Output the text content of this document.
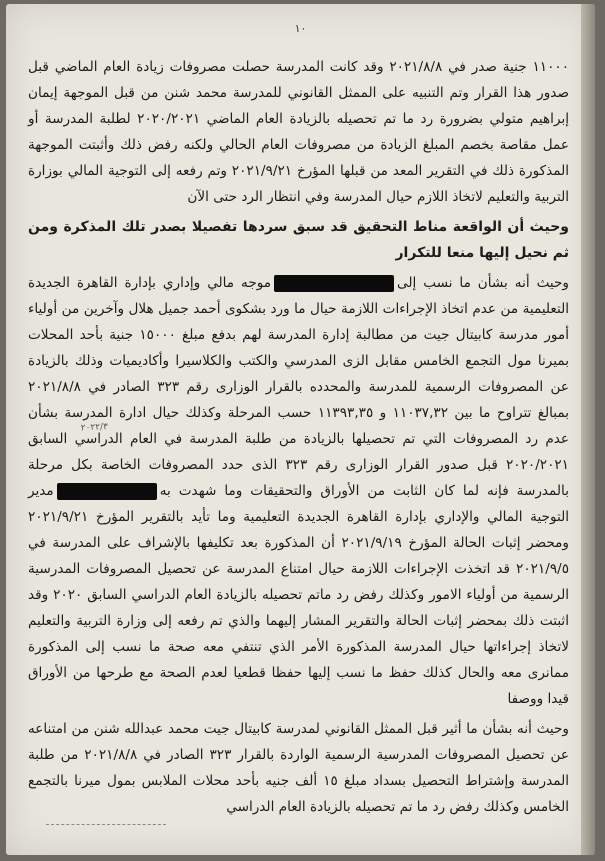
١٠

١١٠٠٠ جنية صدر في ٢٠٢١/٨/٨ وقد كانت المدرسة حصلت مصروفات زيادة العام الماضي قبل صدور هذا القرار وتم التنبيه على الممثل القانوني للمدرسة محمد شنن من قبل الموجهة إيمان إبراهيم متولي بضرورة رد ما تم تحصيله بالزيادة العام الماضي ٢٠٢٠/٢٠٢١ لطلبة المدرسة أو عمل مقاصة بخصم المبلغ الزيادة من مصروفات العام الحالي ولكنه رفض ذلك وأثبتت الموجهة المذكورة ذلك في التقرير المعد من قبلها المؤرخ ٢٠٢١/٩/٢١ وتم رفعه إلى التوجية المالي بوزارة التربية والتعليم لاتخاذ اللازم حيال المدرسة وفي انتظار الرد حتى الآن

وحيث أن الواقعة مناط التحقيق قد سبق سردها تفصيلا بصدر تلك المذكرة ومن ثم نحيل إليها منعا للتكرار

وحيث أنه بشأن ما نسب إلىموجه مالي وإداري بإدارة القاهرة الجديدة التعليمية من عدم اتخاذ الإجراءات اللازمة حيال ما ورد بشكوى أحمد جميل هلال وآخرين من أولياء أمور مدرسة كابيتال جيت من مطالبة إدارة المدرسة لهم بدفع مبلغ ١٥٠٠٠ جنية بأحد المحلات بميرنا مول التجمع الخامس مقابل الزى المدرسي والكتب والكلاسيرا وأكاديميات وذلك بالزيادة عن المصروفات الرسمية للمدرسة والمحدده بالقرار الوزارى رقم ٣٢٣ الصادر في ٢٠٢١/٨/٨ بمبالغ تتراوح ما بين ١١٠٣٧,٣٢ و ١١٣٩٣,٣٥ حسب المرحلة وكذلك حيال ادارة المدرسة بشأن عدم رد المصروفات التي تم تحصيلها بالزيادة من طلبة المدرسة في العام الدراسي السابق ٢٠٢٠/٢٠٢١ قبل صدور القرار الوزارى رقم ٣٢٣ الذى حدد المصروفات الخاصة بكل مرحلة بالمدرسة فإنه لما كان الثابت من الأوراق والتحقيقات وما شهدت بهمدير التوجية المالي والإداري بإدارة القاهرة الجديدة التعليمية وما تأيد بالتقرير المؤرخ ٢٠٢١/٩/٢١ ومحضر إثبات الحالة المؤرخ ٢٠٢١/٩/١٩ أن المذكورة بعد تكليفها بالإشراف على المدرسة في ٢٠٢١/٩/٥ قد اتخذت الإجراءات اللازمة حيال امتناع المدرسة عن تحصيل المصروفات المدرسية الرسمية من أولياء الامور وكذلك رفض رد ماتم تحصيله بالزيادة العام الدراسي السابق ٢٠٢٠ وقد اثبتت ذلك بمحضر إثبات الحالة والتقرير المشار إليهما والذي تم رفعه إلى وزارة التربية والتعليم لاتخاذ إجراءاتها حيال المدرسة المذكورة الأمر الذي تنتفي معه صحة ما نسب إلى المذكورة ممانرى معه والحال كذلك حفظ ما نسب إليها حفظا قطعيا لعدم الصحة مع طرحها من الأوراق قيدا ووصفا

وحيث أنه بشأن ما أثير قبل الممثل القانوني لمدرسة كابيتال جيت محمد عبدالله شنن من امتناعه عن تحصيل المصروفات المدرسية الرسمية الواردة بالقرار ٣٢٣ الصادر في ٢٠٢١/٨/٨ من طلبة المدرسة وإشتراط التحصيل بسداد مبلغ ١٥ ألف جنيه بأحد محلات الملابس بمول ميرنا بالتجمع الخامس وكذلك رفض رد ما تم تحصيله بالزيادة العام الدراسي

٢٠٢٢/٣
